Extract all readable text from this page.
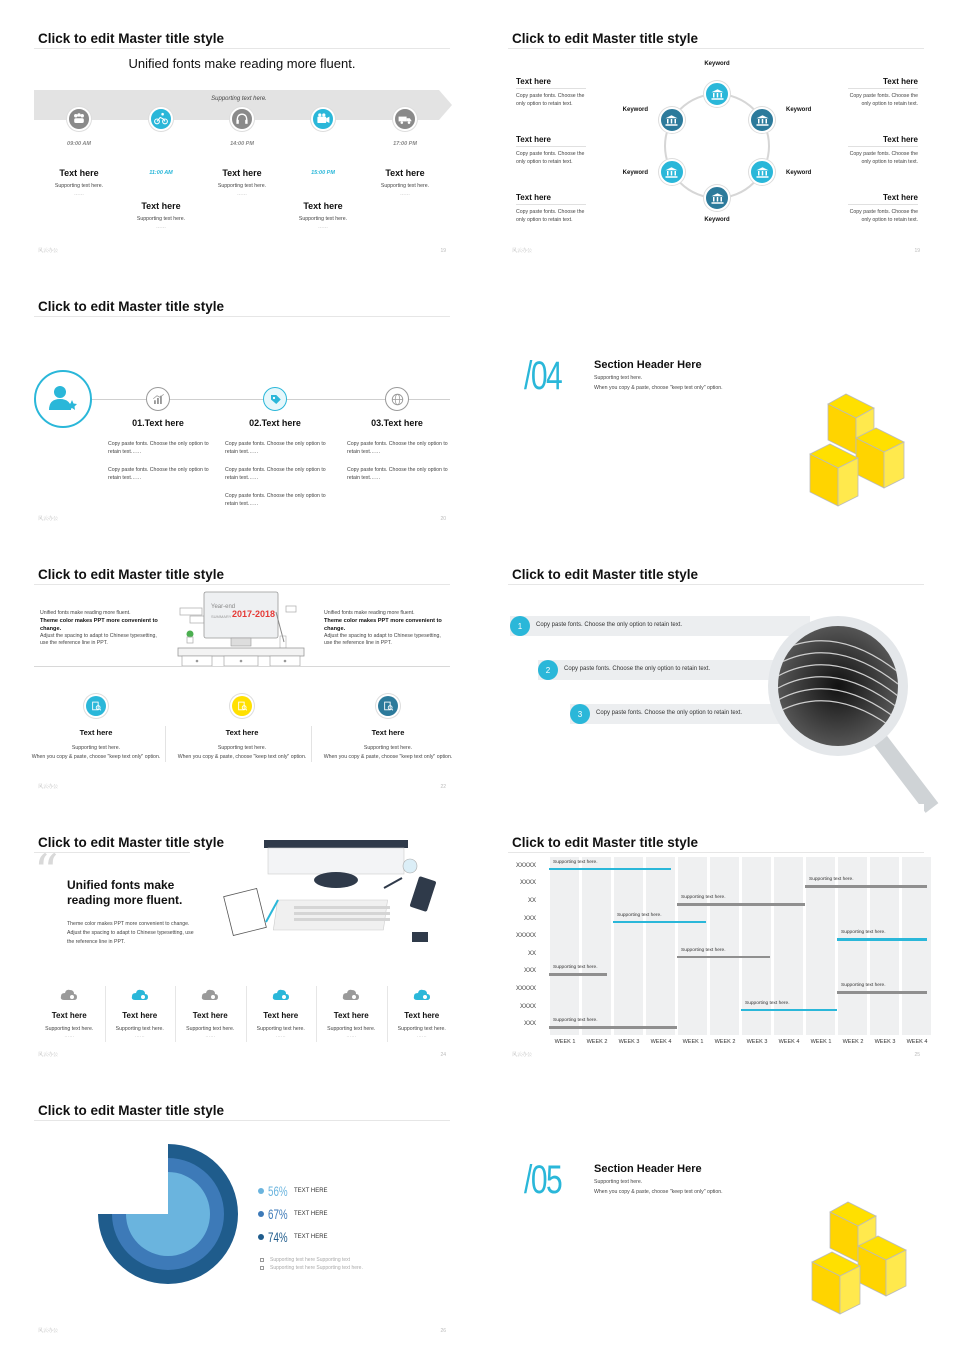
Click to edit Master title style
Unified fonts make reading more fluent.
Supporting text here.
09:00 AM
Text here
Supporting text here.
……
11:00 AM
Text here
Supporting text here.
……
14:00 PM
Text here
Supporting text here.
……
15:00 PM
Text here
Supporting text here.
……
17:00 PM
Text here
Supporting text here.
……
风云办公	19
Click to edit Master title style
Keyword
Keyword
Keyword
Keyword
Keyword
Keyword
Text here
Copy paste fonts. Choose the only option to retain text.
Text here
Copy paste fonts. Choose the only option to retain text.
Text here
Copy paste fonts. Choose the only option to retain text.
Text here
Copy paste fonts. Choose the only option to retain text.
Text here
Copy paste fonts. Choose the only option to retain text.
Text here
Copy paste fonts. Choose the only option to retain text.
风云办公	19
Click to edit Master title style
01.Text here
Copy paste fonts. Choose the only option to retain text……
Copy paste fonts. Choose the only option to retain text……
02.Text here
Copy paste fonts. Choose the only option to retain text……
Copy paste fonts. Choose the only option to retain text……
Copy paste fonts. Choose the only option to retain text……
03.Text here
Copy paste fonts. Choose the only option to retain text……
Copy paste fonts. Choose the only option to retain text……
风云办公	20
/04	Section Header Here
Supporting text here.
When you copy & paste, choose "keep text only" option.
Click to edit Master title style
Unified fonts make reading more fluent.
Theme color makes PPT more convenient to change.
Adjust the spacing to adapt to Chinese typesetting, use the reference line in PPT.
Unified fonts make reading more fluent.
Theme color makes PPT more convenient to change.
Adjust the spacing to adapt to Chinese typesetting, use the reference line in PPT.
Year-end
2017-2018
SUMMARY
Text here
Supporting text here.
When you copy & paste, choose "keep text only" option.
Text here
Supporting text here.
When you copy & paste, choose "keep text only" option.
Text here
Supporting text here.
When you copy & paste, choose "keep text only" option.
风云办公	22
Click to edit Master title style
1	Copy paste fonts. Choose the only option to retain text.
2	Copy paste fonts. Choose the only option to retain text.
3	Copy paste fonts. Choose the only option to retain text.
Click to edit Master title style
“ Unified fonts make reading more fluent.
Theme color makes PPT more convenient to change. Adjust the spacing to adapt to Chinese typesetting, use the reference line in PPT.
Text here
Supporting text here.
……
Text here
Supporting text here.
……
Text here
Supporting text here.
……
Text here
Supporting text here.
……
Text here
Supporting text here.
……
Text here
Supporting text here.
……
风云办公	24
Click to edit Master title style
WEEK 1	WEEK 2	WEEK 3	WEEK 4	WEEK 1	WEEK 2	WEEK 3	WEEK 4	WEEK 1	WEEK 2	WEEK 3	WEEK 4
XXXXX
Supporting text here.
XXXX
Supporting text here.
XX
Supporting text here.
XXX
Supporting text here.
XXXXX
Supporting text here.
XX
Supporting text here.
XXX
Supporting text here.
XXXXX
Supporting text here.
XXXX
Supporting text here.
XXX
Supporting text here.
风云办公	25
Click to edit Master title style
56% TEXT HERE
67% TEXT HERE
74% TEXT HERE
Supporting text here Supporting text
Supporting text here Supporting text here.
风云办公	26
/05	Section Header Here
Supporting text here.
When you copy & paste, choose "keep text only" option.
